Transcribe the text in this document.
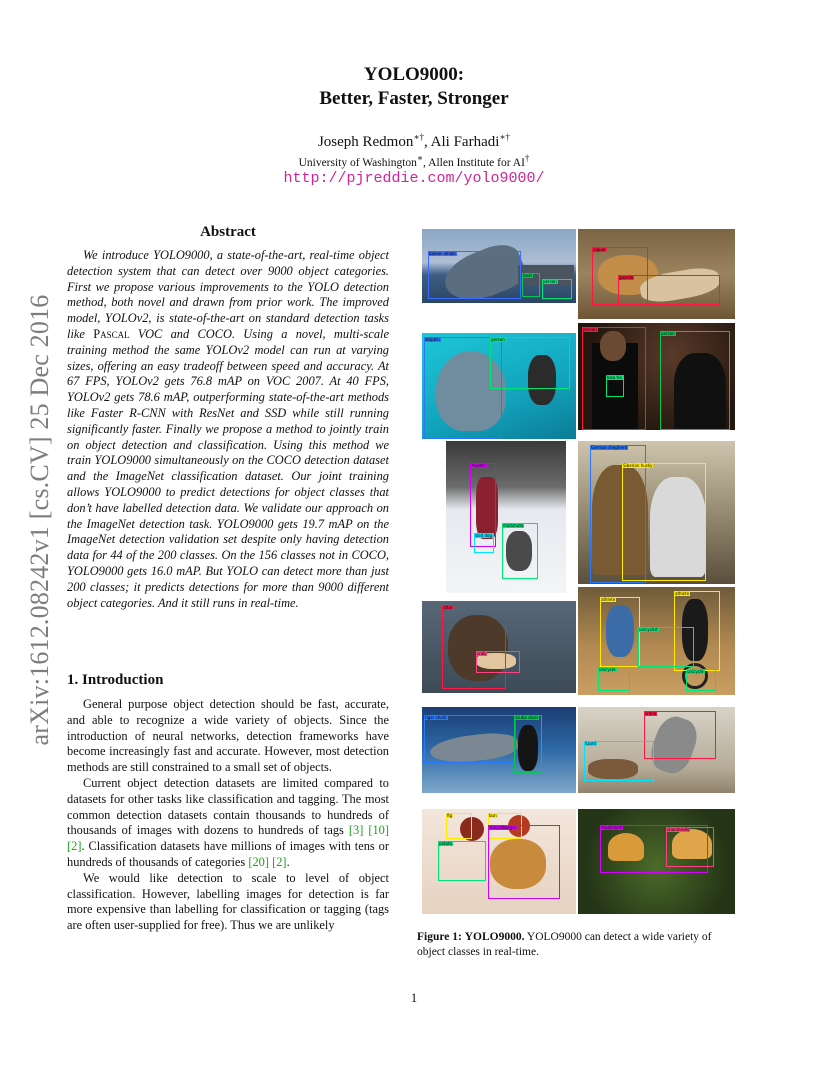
arXiv:1612.08242v1 [cs.CV] 25 Dec 2016
YOLO9000:
Better, Faster, Stronger
Joseph Redmon∗†, Ali Farhadi∗†
University of Washington∗, Allen Institute for AI†
http://pjreddie.com/yolo9000/
Abstract

We introduce YOLO9000, a state-of-the-art, real-time object detection system that can detect over 9000 object categories. First we propose various improvements to the YOLO detection method, both novel and drawn from prior work. The improved model, YOLOv2, is state-of-the-art on standard detection tasks like Pascal VOC and COCO. Using a novel, multi-scale training method the same YOLOv2 model can run at varying sizes, offering an easy tradeoff between speed and accuracy. At 67 FPS, YOLOv2 gets 76.8 mAP on VOC 2007. At 40 FPS, YOLOv2 gets 78.6 mAP, outperforming state-of-the-art methods like Faster R-CNN with ResNet and SSD while still running significantly faster. Finally we propose a method to jointly train on object detection and classification. Using this method we train YOLO9000 simultaneously on the COCO detection dataset and the ImageNet classification dataset. Our joint training allows YOLO9000 to predict detections for object classes that don’t have labelled detection data. We validate our approach on the ImageNet detection task. YOLO9000 gets 19.7 mAP on the ImageNet detection validation set despite only having detection data for 44 of the 200 classes. On the 156 classes not in COCO, YOLO9000 gets 16.0 mAP. But YOLO can detect more than just 200 classes; it predicts detections for more than 9000 different object categories. And it still runs in real-time.

1. Introduction

General purpose object detection should be fast, accurate, and able to recognize a wide variety of objects. Since the introduction of neural networks, detection frameworks have become increasingly fast and accurate. However, most detection methods are still constrained to a small set of objects.

Current object detection datasets are limited compared to datasets for other tasks like classification and tagging. The most common detection datasets contain thousands to hundreds of thousands of images with dozens to hundreds of tags [3] [10] [2]. Classification datasets have millions of images with tens or hundreds of thousands of categories [20] [2].

We would like detection to scale to level of object classification. However, labelling images for detection is far more expensive than labelling for classification or tagging (tags are often user-supplied for free). Thus we are unlikely

baleen whale
boat
person
jaguar
gazelle
dolphin	person
person
bow tie
person
musher
sled dog
malamute
German shepherd
Siberian husky
otter
crab
athlete
athlete
unicyclist
unicycle	unicycle
tiger shark	scuba diver
crane
lizard
fig	bun
cheeseburger
potato
mushroom	chanterelle
Figure 1: YOLO9000. YOLO9000 can detect a wide variety of object classes in real-time.
1
